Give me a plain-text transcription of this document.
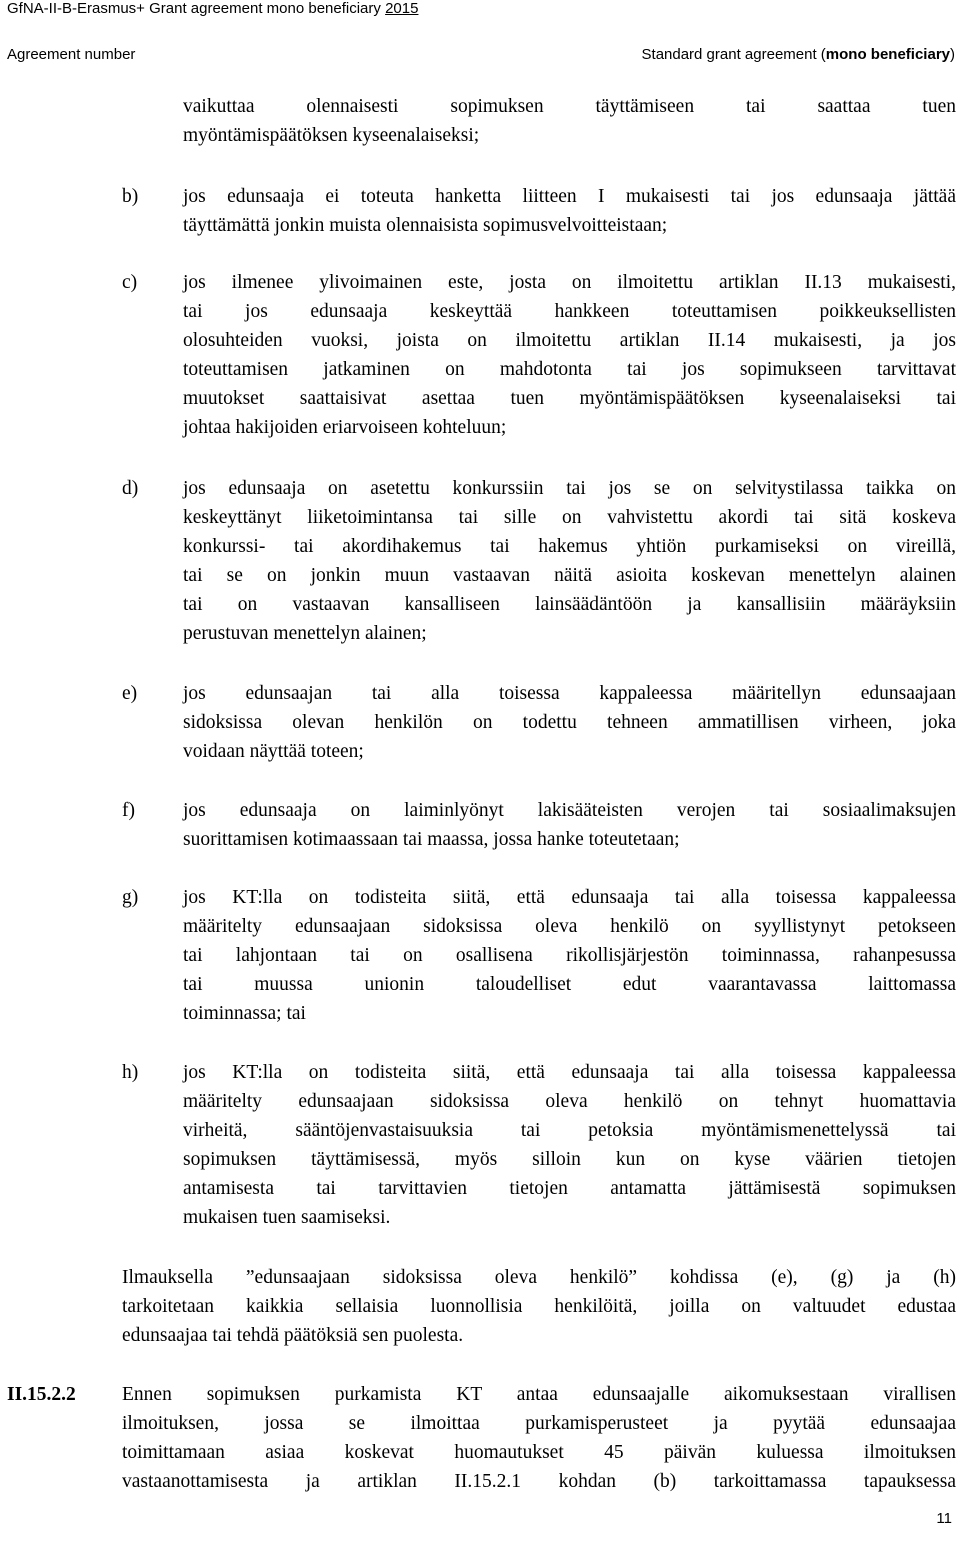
GfNA-II-B-Erasmus+ Grant agreement mono beneficiary 2015
Agreement number	Standard grant agreement (mono beneficiary)
vaikuttaa olennaisesti sopimuksen täyttämiseen tai saattaa tuen
myöntämispäätöksen kyseenalaiseksi;
b) jos edunsaaja ei toteuta hanketta liitteen I mukaisesti tai jos edunsaaja jättää
täyttämättä jonkin muista olennaisista sopimusvelvoitteistaan;
c) jos ilmenee ylivoimainen este, josta on ilmoitettu artiklan II.13 mukaisesti,
tai jos edunsaaja keskeyttää hankkeen toteuttamisen poikkeuksellisten
olosuhteiden vuoksi, joista on ilmoitettu artiklan II.14 mukaisesti, ja jos
toteuttamisen jatkaminen on mahdotonta tai jos sopimukseen tarvittavat
muutokset saattaisivat asettaa tuen myöntämispäätöksen kyseenalaiseksi tai
johtaa hakijoiden eriarvoiseen kohteluun;
d) jos edunsaaja on asetettu konkurssiin tai jos se on selvitystilassa taikka on
keskeyttänyt liiketoimintansa tai sille on vahvistettu akordi tai sitä koskeva
konkurssi- tai akordihakemus tai hakemus yhtiön purkamiseksi on vireillä,
tai se on jonkin muun vastaavan näitä asioita koskevan menettelyn alainen
tai on vastaavan kansalliseen lainsäädäntöön ja kansallisiin määräyksiin
perustuvan menettelyn alainen;
e) jos edunsaajan tai alla toisessa kappaleessa määritellyn edunsaajaan
sidoksissa olevan henkilön on todettu tehneen ammatillisen virheen, joka
voidaan näyttää toteen;
f) jos edunsaaja on laiminlyönyt lakisääteisten verojen tai sosiaalimaksujen
suorittamisen kotimaassaan tai maassa, jossa hanke toteutetaan;
g) jos KT:lla on todisteita siitä, että edunsaaja tai alla toisessa kappaleessa
määritelty edunsaajaan sidoksissa oleva henkilö on syyllistynyt petokseen
tai lahjontaan tai on osallisena rikollisjärjestön toiminnassa, rahanpesussa
tai muussa unionin taloudelliset edut vaarantavassa laittomassa
toiminnassa; tai
h) jos KT:lla on todisteita siitä, että edunsaaja tai alla toisessa kappaleessa
määritelty edunsaajaan sidoksissa oleva henkilö on tehnyt huomattavia
virheitä, sääntöjenvastaisuuksia tai petoksia myöntämismenettelyssä tai
sopimuksen täyttämisessä, myös silloin kun on kyse väärien tietojen
antamisesta tai tarvittavien tietojen antamatta jättämisestä sopimuksen
mukaisen tuen saamiseksi.
Ilmauksella ”edunsaajaan sidoksissa oleva henkilö” kohdissa (e), (g) ja (h)
tarkoitetaan kaikkia sellaisia luonnollisia henkilöitä, joilla on valtuudet edustaa
edunsaajaa tai tehdä päätöksiä sen puolesta.
II.15.2.2 Ennen sopimuksen purkamista KT antaa edunsaajalle aikomuksestaan virallisen
ilmoituksen, jossa se ilmoittaa purkamisperusteet ja pyytää edunsaajaa
toimittamaan asiaa koskevat huomautukset 45 päivän kuluessa ilmoituksen
vastaanottamisesta ja artiklan II.15.2.1 kohdan (b) tarkoittamassa tapauksessa
11
